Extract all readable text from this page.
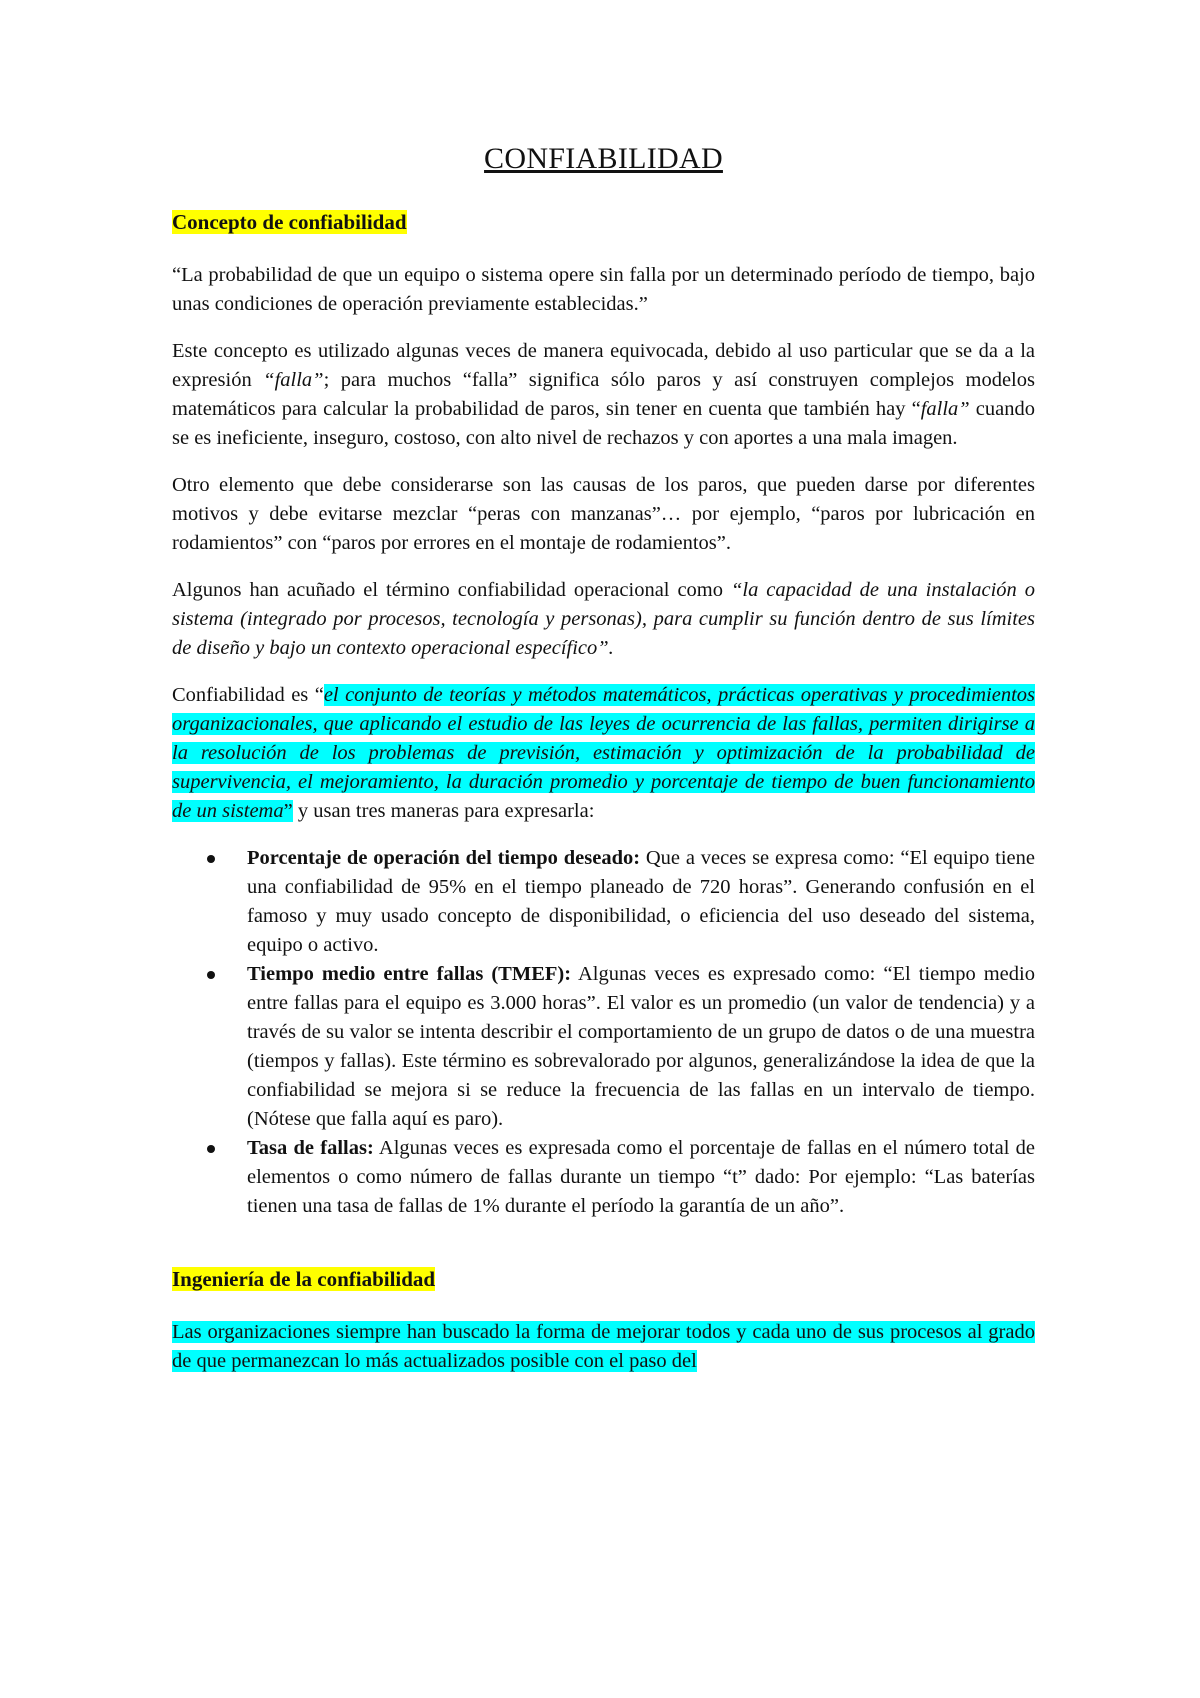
CONFIABILIDAD
Concepto de confiabilidad

“La probabilidad de que un equipo o sistema opere sin falla por un determinado período de tiempo, bajo unas condiciones de operación previamente establecidas.”

Este concepto es utilizado algunas veces de manera equivocada, debido al uso particular que se da a la expresión “falla”; para muchos “falla” significa sólo paros y así construyen complejos modelos matemáticos para calcular la probabilidad de paros, sin tener en cuenta que también hay “falla” cuando se es ineficiente, inseguro, costoso, con alto nivel de rechazos y con aportes a una mala imagen.

Otro elemento que debe considerarse son las causas de los paros, que pueden darse por diferentes motivos y debe evitarse mezclar “peras con manzanas”… por ejemplo, “paros por lubricación en rodamientos” con “paros por errores en el montaje de rodamientos”.

Algunos han acuñado el término confiabilidad operacional como “la capacidad de una instalación o sistema (integrado por procesos, tecnología y personas), para cumplir su función dentro de sus límites de diseño y bajo un contexto operacional específico”.

Confiabilidad es “el conjunto de teorías y métodos matemáticos, prácticas operativas y procedimientos organizacionales, que aplicando el estudio de las leyes de ocurrencia de las fallas, permiten dirigirse a la resolución de los problemas de previsión, estimación y optimización de la probabilidad de supervivencia, el mejoramiento, la duración promedio y porcentaje de tiempo de buen funcionamiento de un sistema” y usan tres maneras para expresarla:

Porcentaje de operación del tiempo deseado: Que a veces se expresa como: “El equipo tiene una confiabilidad de 95% en el tiempo planeado de 720 horas”. Generando confusión en el famoso y muy usado concepto de disponibilidad, o eficiencia del uso deseado del sistema, equipo o activo.
Tiempo medio entre fallas (TMEF): Algunas veces es expresado como: “El tiempo medio entre fallas para el equipo es 3.000 horas”. El valor es un promedio (un valor de tendencia) y a través de su valor se intenta describir el comportamiento de un grupo de datos o de una muestra (tiempos y fallas). Este término es sobrevalorado por algunos, generalizándose la idea de que la confiabilidad se mejora si se reduce la frecuencia de las fallas en un intervalo de tiempo. (Nótese que falla aquí es paro).
Tasa de fallas: Algunas veces es expresada como el porcentaje de fallas en el número total de elementos o como número de fallas durante un tiempo “t” dado: Por ejemplo: “Las baterías tienen una tasa de fallas de 1% durante el período la garantía de un año”.
Ingeniería de la confiabilidad

Las organizaciones siempre han buscado la forma de mejorar todos y cada uno de sus procesos al grado de que permanezcan lo más actualizados posible con el paso del
